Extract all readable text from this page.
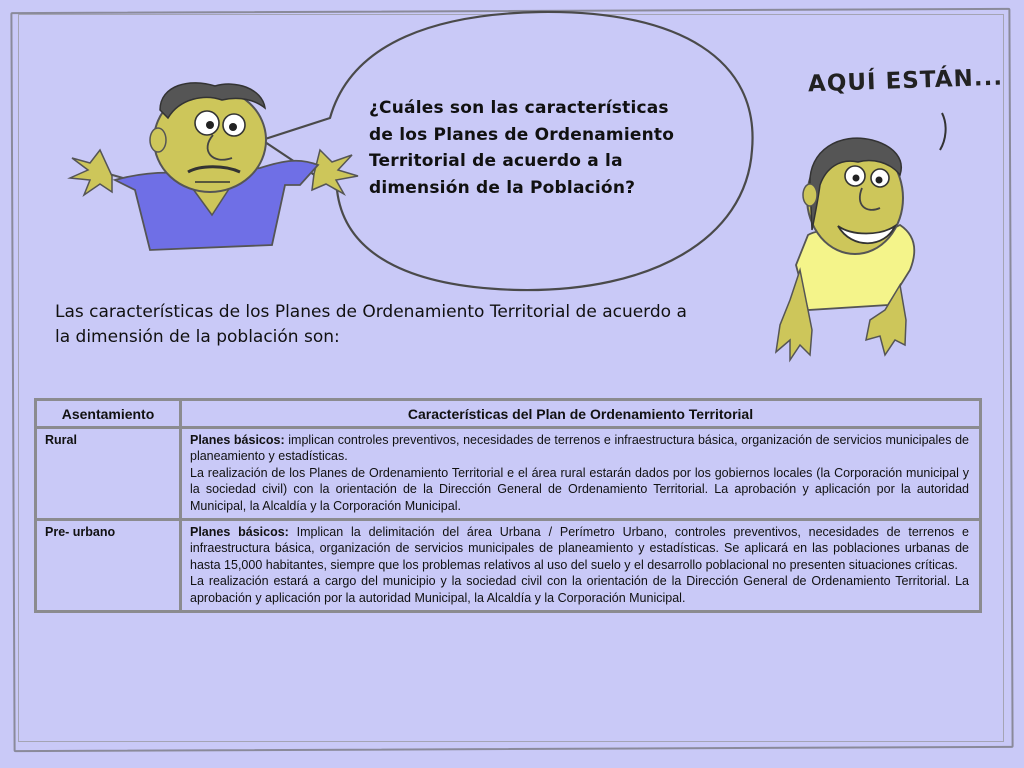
¿Cuáles son las características

de los Planes de Ordenamiento

Territorial de acuerdo a la

dimensión de la Población?

AQUÍ ESTÁN...

Las características de los Planes de Ordenamiento Territorial de acuerdo a

la dimensión de la población son:

Asentamiento	Características del Plan de Ordenamiento Territorial
Rural	Planes básicos: implican controles preventivos, necesidades de terrenos e infraestructura básica, organización de servicios municipales de planeamiento y estadísticas.

La realización de los Planes de Ordenamiento Territorial e el área rural estarán dados por los gobiernos locales (la Corporación municipal y la sociedad civil) con la orientación de la Dirección General de Ordenamiento Territorial. La aprobación y aplicación por la autoridad Municipal, la Alcaldía y la Corporación Municipal.

Pre- urbano	Planes básicos: Implican la delimitación del área Urbana / Perímetro Urbano, controles preventivos, necesidades de terrenos e infraestructura básica, organización de servicios municipales de planeamiento y estadísticas. Se aplicará en las poblaciones urbanas de hasta 15,000 habitantes, siempre que los problemas relativos al uso del suelo y el desarrollo poblacional no presenten situaciones críticas.

La realización estará a cargo del municipio y la sociedad civil con la orientación de la Dirección General de Ordenamiento Territorial. La aprobación y aplicación por la autoridad Municipal, la Alcaldía y la Corporación Municipal.
